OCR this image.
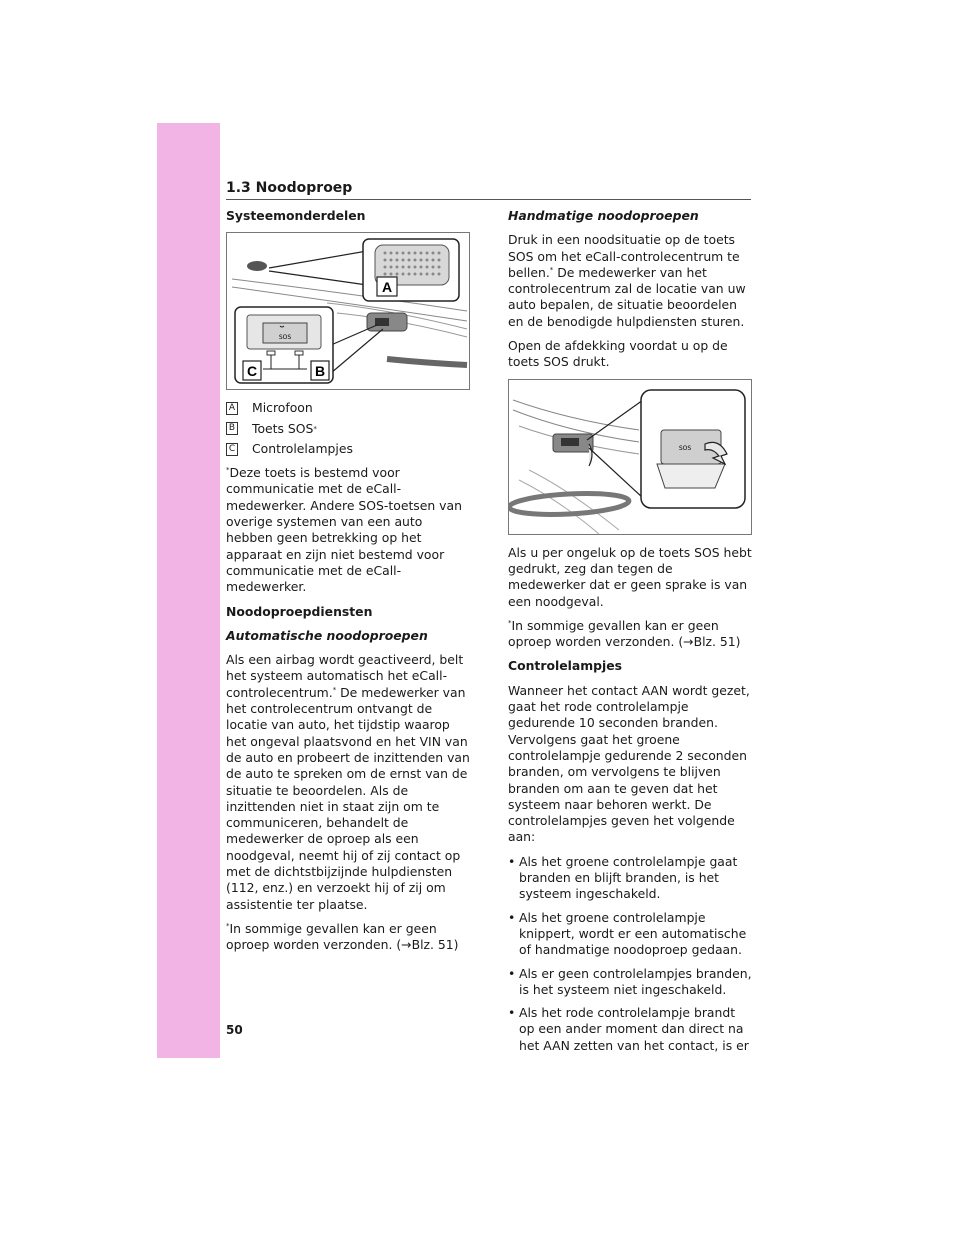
1.3 Noodoproep
Systeemonderdelen
A
SOS
C	B
A Microfoon
B Toets SOS *
C Controlelampjes

*Deze toets is bestemd voor communicatie met de eCall-medewerker. Andere SOS-toetsen van overige systemen van een auto hebben geen betrekking op het apparaat en zijn niet bestemd voor communicatie met de eCall-medewerker.

Noodoproepdiensten
Automatische noodoproepen

Als een airbag wordt geactiveerd, belt het systeem automatisch het eCall-controlecentrum.* De medewerker van het controlecentrum ontvangt de locatie van auto, het tijdstip waarop het ongeval plaatsvond en het VIN van de auto en probeert de inzittenden van de auto te spreken om de ernst van de situatie te beoordelen. Als de inzittenden niet in staat zijn om te communiceren, behandelt de medewerker de oproep als een noodgeval, neemt hij of zij contact op met de dichtstbijzijnde hulpdiensten (112, enz.) en verzoekt hij of zij om assistentie ter plaatse.

*In sommige gevallen kan er geen oproep worden verzonden. (→Blz. 51)

Handmatige noodoproepen

Druk in een noodsituatie op de toets SOS om het eCall-controlecentrum te bellen.* De medewerker van het controlecentrum zal de locatie van uw auto bepalen, de situatie beoordelen en de benodigde hulpdiensten sturen.

Open de afdekking voordat u op de toets SOS drukt.

SOS

Als u per ongeluk op de toets SOS hebt gedrukt, zeg dan tegen de medewerker dat er geen sprake is van een noodgeval.

*In sommige gevallen kan er geen oproep worden verzonden. (→Blz. 51)

Controlelampjes

Wanneer het contact AAN wordt gezet, gaat het rode controlelampje gedurende 10 seconden branden. Vervolgens gaat het groene controlelampje gedurende 2 seconden branden, om vervolgens te blijven branden om aan te geven dat het systeem naar behoren werkt. De controlelampjes geven het volgende aan:

• Als het groene controlelampje gaat branden en blijft branden, is het systeem ingeschakeld.
• Als het groene controlelampje knippert, wordt er een automatische of handmatige noodoproep gedaan.
• Als er geen controlelampjes branden, is het systeem niet ingeschakeld.
• Als het rode controlelampje brandt op een ander moment dan direct na het AAN zetten van het contact, is er
50
